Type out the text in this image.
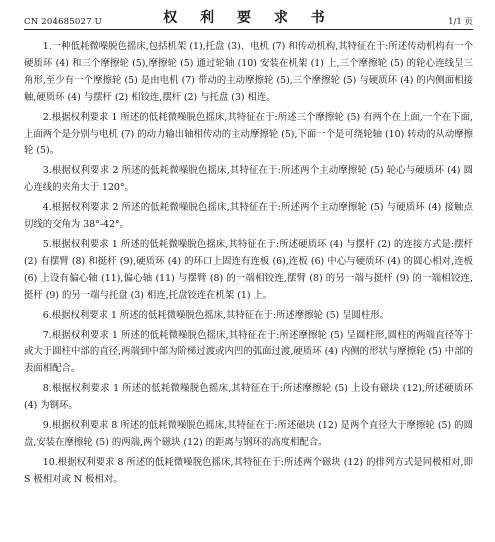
CN 204685027 U	权 利 要 求 书	1/1 页

1.一种低耗微噪脱色摇床,包括机架 (1),托盘 (3)、电机 (7) 和传动机构,其特征在于:所述传动机构有一个硬质环 (4) 和三个摩擦轮 (5),摩擦轮 (5) 通过轮轴 (10) 安装在机架 (1) 上,三个摩擦轮 (5) 的轮心连线呈三角形,至少有一个摩擦轮 (5) 是由电机 (7) 带动的主动摩擦轮 (5),三个摩擦轮 (5) 与硬质环 (4) 的内侧面相接触,硬质环 (4) 与摆杆 (2) 相铰连,摆杆 (2) 与托盘 (3) 相连。

2.根据权利要求 1 所述的低耗微噪脱色摇床,其特征在于:所述三个摩擦轮 (5) 有两个在上面,一个在下面,上面两个是分别与电机 (7) 的动力输出轴相传动的主动摩擦轮 (5),下面一个是可绕轮轴 (10) 转动的从动摩擦轮 (5)。

3.根据权利要求 2 所述的低耗微噪脱色摇床,其特征在于:所述两个主动摩擦轮 (5) 轮心与硬质环 (4) 圆心连线的夹角大于 120°。

4.根据权利要求 2 所述的低耗微噪脱色摇床,其特征在于:所述两个主动摩擦轮 (5) 与硬质环 (4) 接触点切线的交角为 38°-42°。

5.根据权利要求 1 所述的低耗微噪脱色摇床,其特征在于:所述硬质环 (4) 与摆杆 (2) 的连接方式是:摆杆 (2) 有摆臂 (8) 和挺杆 (9),硬质环 (4) 的环口上固连有连板 (6),连板 (6) 中心与硬质环 (4) 的圆心相对,连板 (6) 上设有偏心轴 (11),偏心轴 (11) 与摆臂 (8) 的一端相铰连,摆臂 (8) 的另一端与挺杆 (9) 的一端相铰连,挺杆 (9) 的另一端与托盘 (3) 相连,托盘铰连在机架 (1) 上。

6.根据权利要求 1 所述的低耗微噪脱色摇床,其特征在于:所述摩擦轮 (5) 呈圆柱形。

7.根据权利要求 1 所述的低耗微噪脱色摇床,其特征在于:所述摩擦轮 (5) 呈圆柱形,圆柱的两端直径等于或大于圆柱中部的直径,两端到中部为阶梯过渡或内凹的弧面过渡,硬质环 (4) 内侧的形状与摩擦轮 (5) 中部的表面相配合。

8.根据权利要求 1 所述的低耗微噪脱色摇床,其特征在于:所述摩擦轮 (5) 上设有磁块 (12),所述硬质环 (4) 为钢环。

9.根据权利要求 8 所述的低耗微噪脱色摇床,其特征在于:所述磁块 (12) 是两个直径大于摩擦轮 (5) 的圆盘,安装在摩擦轮 (5) 的两端,两个磁块 (12) 的距离与钢环的高度相配合。

10.根据权利要求 8 所述的低耗微噪脱色摇床,其特征在于:所述两个磁块 (12) 的排列方式是同极相对,即 S 极相对或 N 极相对。
